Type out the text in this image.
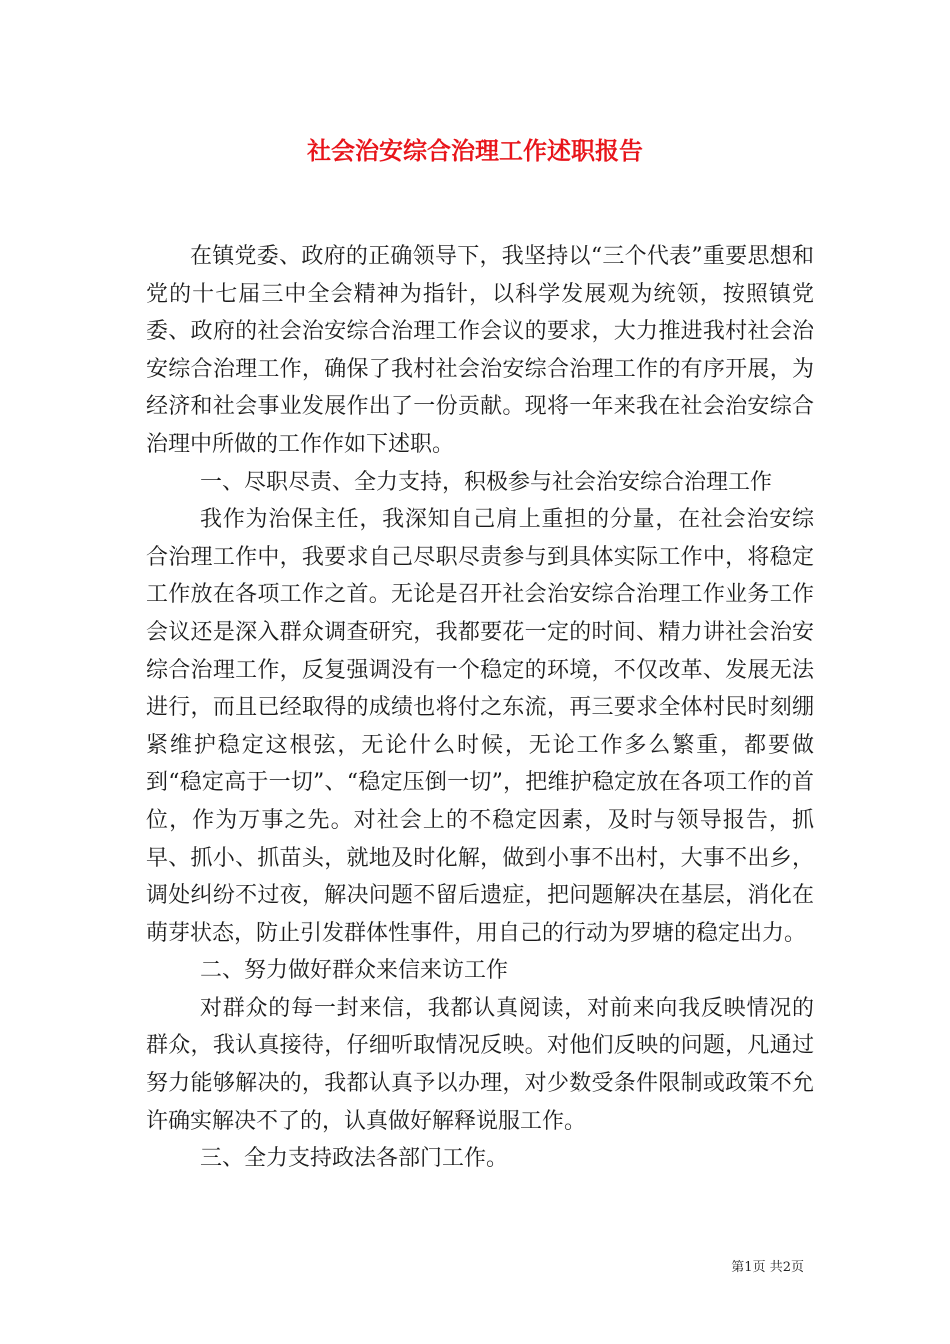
社会治安综合治理工作述职报告

在镇党委、政府的正确领导下，我坚持以“三个代表”重要思想和党的十七届三中全会精神为指针，以科学发展观为统领，按照镇党委、政府的社会治安综合治理工作会议的要求，大力推进我村社会治安综合治理工作，确保了我村社会治安综合治理工作的有序开展，为经济和社会事业发展作出了一份贡献。现将一年来我在社会治安综合治理中所做的工作作如下述职。

一、尽职尽责、全力支持，积极参与社会治安综合治理工作

我作为治保主任，我深知自己肩上重担的分量，在社会治安综合治理工作中，我要求自己尽职尽责参与到具体实际工作中，将稳定工作放在各项工作之首。无论是召开社会治安综合治理工作业务工作会议还是深入群众调查研究，我都要花一定的时间、精力讲社会治安综合治理工作，反复强调没有一个稳定的环境，不仅改革、发展无法进行，而且已经取得的成绩也将付之东流，再三要求全体村民时刻绷紧维护稳定这根弦，无论什么时候，无论工作多么繁重，都要做到“稳定高于一切”、“稳定压倒一切”，把维护稳定放在各项工作的首位，作为万事之先。对社会上的不稳定因素，及时与领导报告，抓早、抓小、抓苗头，就地及时化解，做到小事不出村，大事不出乡，调处纠纷不过夜，解决问题不留后遗症，把问题解决在基层，消化在萌芽状态，防止引发群体性事件，用自己的行动为罗塘的稳定出力。

二、努力做好群众来信来访工作

对群众的每一封来信，我都认真阅读，对前来向我反映情况的群众，我认真接待，仔细听取情况反映。对他们反映的问题，凡通过努力能够解决的，我都认真予以办理，对少数受条件限制或政策不允许确实解决不了的，认真做好解释说服工作。

三、全力支持政法各部门工作。

第1页 共2页
